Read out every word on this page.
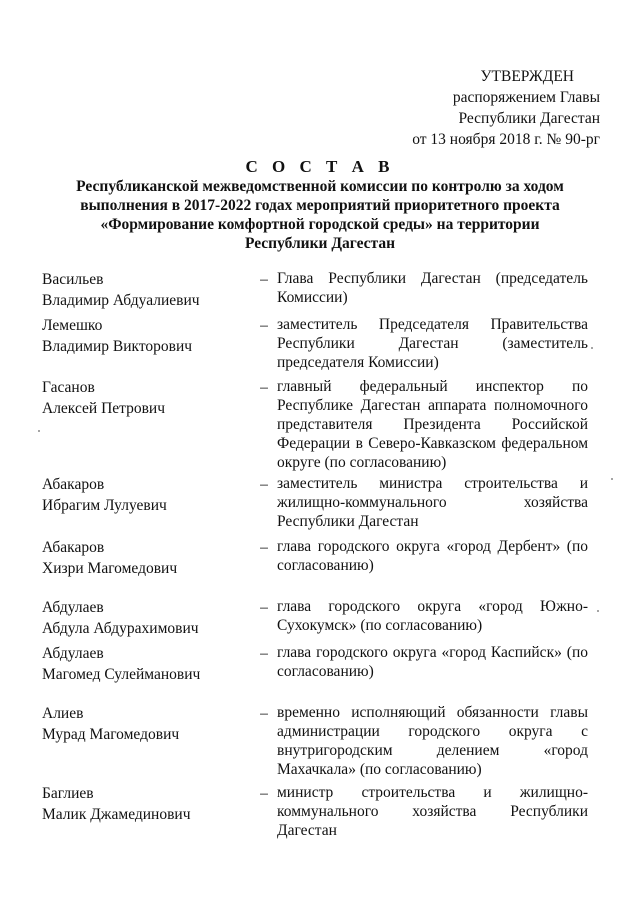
УТВЕРЖДЕН
распоряжением Главы
Республики Дагестан
от 13 ноября 2018 г. № 90-рг
С О С Т А В
Республиканской межведомственной комиссии по контролю за ходом выполнения в 2017-2022 годах мероприятий приоритетного проекта «Формирование комфортной городской среды» на территории Республики Дагестан
Васильев
Владимир Абдуалиевич
– Глава Республики Дагестан (председатель Комиссии)
Лемешко
Владимир Викторович
– заместитель Председателя Правительства Республики Дагестан (заместитель председателя Комиссии)
Гасанов
Алексей Петрович
– главный федеральный инспектор по Республике Дагестан аппарата полномочного представителя Президента Российской Федерации в Северо-Кавказском федеральном округе (по согласованию)
Абакаров
Ибрагим Лулуевич
– заместитель министра строительства и жилищно-коммунального хозяйства Республики Дагестан
Абакаров
Хизри Магомедович
– глава городского округа «город Дербент» (по согласованию)
Абдулаев
Абдула Абдурахимович
– глава городского округа «город Южно-Сухокумск» (по согласованию)
Абдулаев
Магомед Сулейманович
– глава городского округа «город Каспийск» (по согласованию)
Алиев
Мурад Магомедович
– временно исполняющий обязанности главы администрации городского округа с внутригородским делением «город Махачкала» (по согласованию)
Баглиев
Малик Джамединович
– министр строительства и жилищно-коммунального хозяйства Республики Дагестан
